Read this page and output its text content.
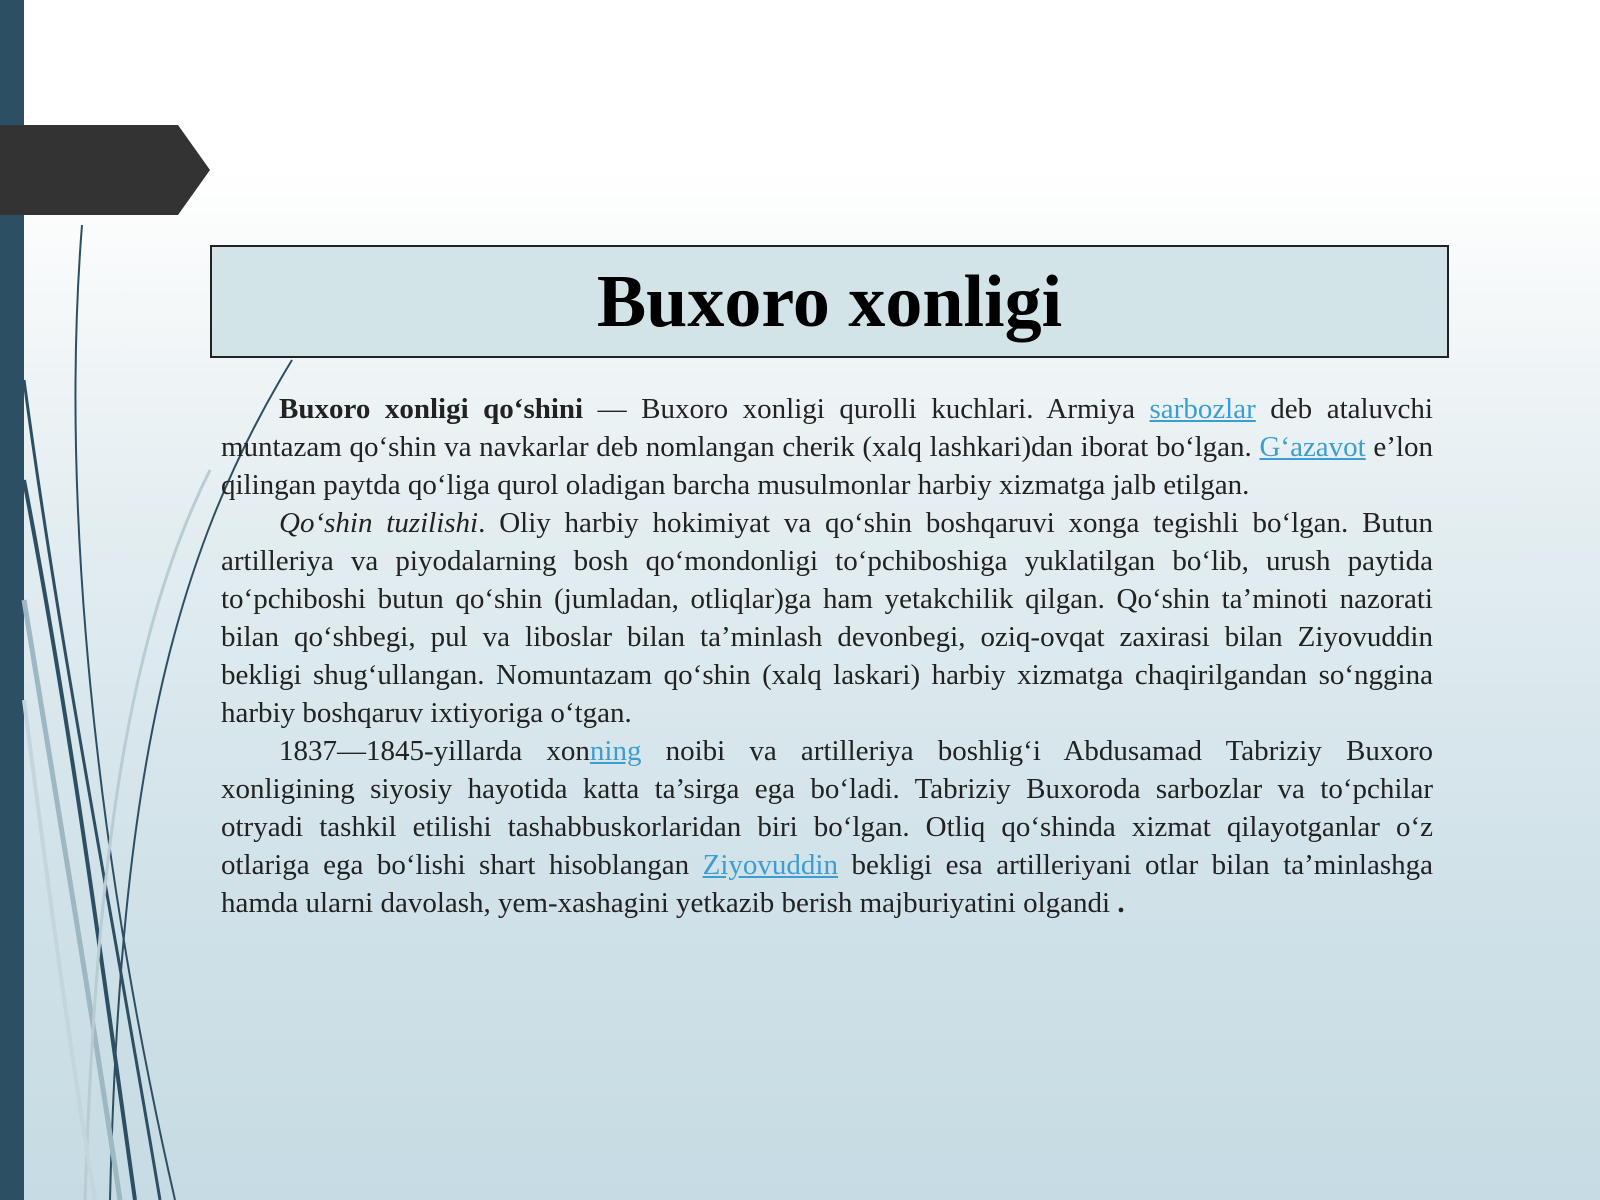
Buxoro xonligi

Buxoro xonligi qo‘shini — Buxoro xonligi qurolli kuchlari. Armiya sarbozlar deb ataluvchi muntazam qo‘shin va navkarlar deb nomlangan cherik (xalq lashkari)dan iborat bo‘lgan. G‘azavot e’lon qilingan paytda qo‘liga qurol oladigan barcha musulmonlar harbiy xizmatga jalb etilgan.

Qo‘shin tuzilishi. Oliy harbiy hokimiyat va qo‘shin boshqaruvi xonga tegishli bo‘lgan. Butun artilleriya va piyodalarning bosh qo‘mondonligi to‘pchiboshiga yuklatilgan bo‘lib, urush paytida to‘pchiboshi butun qo‘shin (jumladan, otliqlar)ga ham yetakchilik qilgan. Qo‘shin ta’minoti nazorati bilan qo‘shbegi, pul va liboslar bilan ta’minlash devonbegi, oziq-ovqat zaxirasi bilan Ziyovuddin bekligi shug‘ullangan. Nomuntazam qo‘shin (xalq laskari) harbiy xizmatga chaqirilgandan so‘nggina harbiy boshqaruv ixtiyoriga o‘tgan.

1837—1845-yillarda xonning noibi va artilleriya boshlig‘i Abdusamad Tabriziy Buxoro xonligining siyosiy hayotida katta ta’sirga ega bo‘ladi. Tabriziy Buxoroda sarbozlar va to‘pchilar otryadi tashkil etilishi tashabbuskorlaridan biri bo‘lgan. Otliq qo‘shinda xizmat qilayotganlar o‘z otlariga ega bo‘lishi shart hisoblangan Ziyovuddin bekligi esa artilleriyani otlar bilan ta’minlashga hamda ularni davolash, yem-xashagini yetkazib berish majburiyatini olgandi .
